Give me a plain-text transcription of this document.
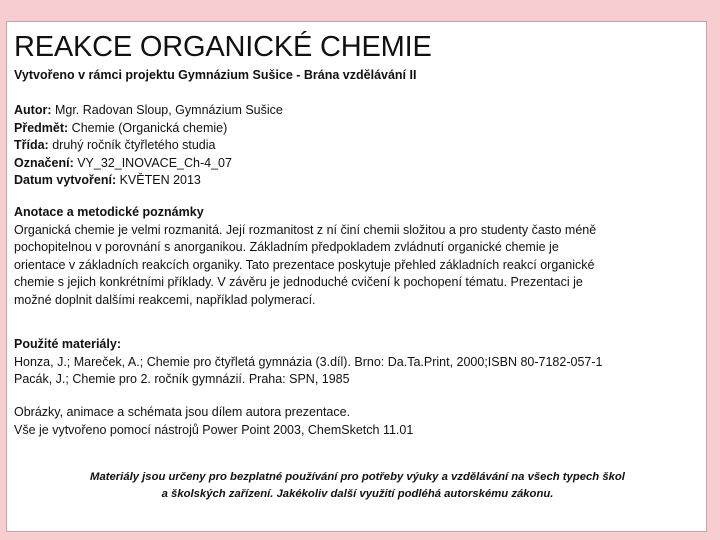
REAKCE ORGANICKÉ CHEMIE
Vytvořeno v rámci projektu Gymnázium Sušice - Brána vzdělávání II
Autor: Mgr. Radovan Sloup, Gymnázium Sušice
Předmět: Chemie (Organická chemie)
Třída: druhý ročník čtyřletého studia
Označení: VY_32_INOVACE_Ch-4_07
Datum vytvoření: KVĚTEN 2013
Anotace a metodické poznámky
Organická chemie je velmi rozmanitá. Její rozmanitost z ní činí chemii složitou a pro studenty často méně
pochopitelnou v porovnání s anorganikou. Základním předpokladem zvládnutí organické chemie je
orientace v základních reakcích organiky. Tato prezentace poskytuje přehled základních reakcí organické
chemie s jejich konkrétními příklady. V závěru je jednoduché cvičení k pochopení tématu. Prezentaci je
možné doplnit dalšími reakcemi, například polymerací.
Použité materiály:
Honza, J.; Mareček, A.; Chemie pro čtyřletá gymnázia (3.díl). Brno: Da.Ta.Print, 2000;ISBN 80-7182-057-1
Pacák, J.; Chemie pro 2. ročník gymnázií. Praha: SPN, 1985
Obrázky, animace a schémata jsou dílem autora prezentace.
Vše je vytvořeno pomocí nástrojů Power Point 2003, ChemSketch 11.01
Materiály jsou určeny pro bezplatné používání pro potřeby výuky a vzdělávání na všech typech škol
a školských zařízení. Jakékoliv další využití podléhá autorskému zákonu.
